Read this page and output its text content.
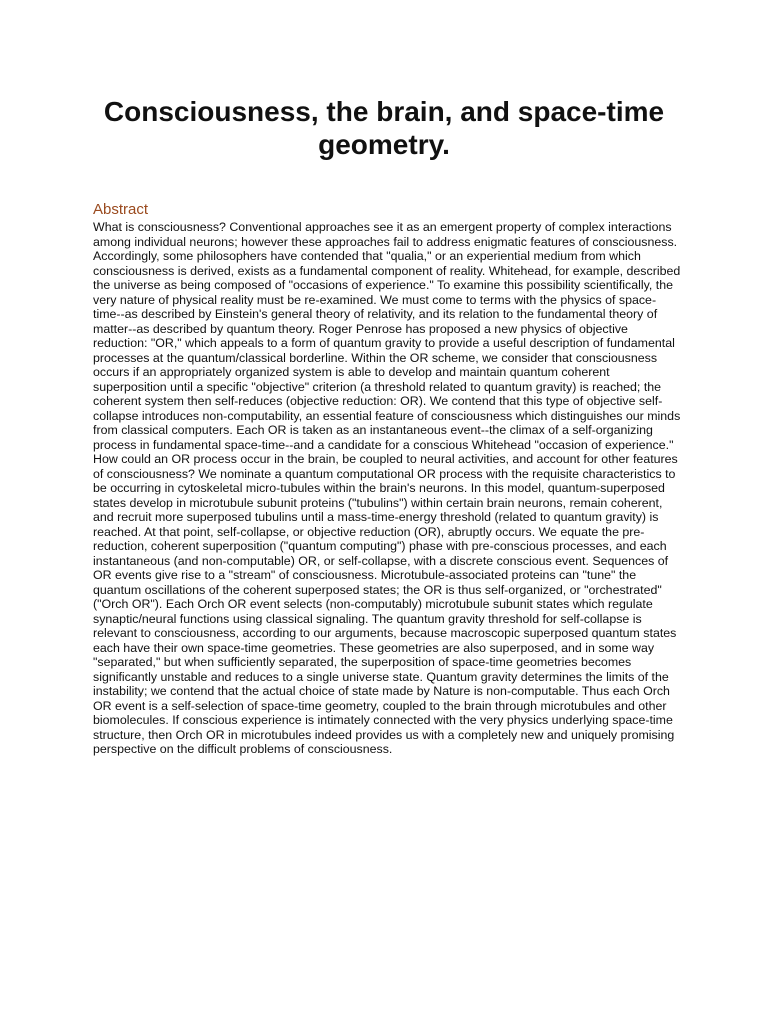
Consciousness, the brain, and space-time geometry.
Abstract

What is consciousness? Conventional approaches see it as an emergent property of complex interactions among individual neurons; however these approaches fail to address enigmatic features of consciousness. Accordingly, some philosophers have contended that "qualia," or an experiential medium from which consciousness is derived, exists as a fundamental component of reality. Whitehead, for example, described the universe as being composed of "occasions of experience." To examine this possibility scientifically, the very nature of physical reality must be re-examined. We must come to terms with the physics of space-time--as described by Einstein's general theory of relativity, and its relation to the fundamental theory of matter--as described by quantum theory. Roger Penrose has proposed a new physics of objective reduction: "OR," which appeals to a form of quantum gravity to provide a useful description of fundamental processes at the quantum/classical borderline. Within the OR scheme, we consider that consciousness occurs if an appropriately organized system is able to develop and maintain quantum coherent superposition until a specific "objective" criterion (a threshold related to quantum gravity) is reached; the coherent system then self-reduces (objective reduction: OR). We contend that this type of objective self-collapse introduces non-computability, an essential feature of consciousness which distinguishes our minds from classical computers. Each OR is taken as an instantaneous event--the climax of a self-organizing process in fundamental space-time--and a candidate for a conscious Whitehead "occasion of experience." How could an OR process occur in the brain, be coupled to neural activities, and account for other features of consciousness? We nominate a quantum computational OR process with the requisite characteristics to be occurring in cytoskeletal micro-tubules within the brain's neurons. In this model, quantum-superposed states develop in microtubule subunit proteins ("tubulins") within certain brain neurons, remain coherent, and recruit more superposed tubulins until a mass-time-energy threshold (related to quantum gravity) is reached. At that point, self-collapse, or objective reduction (OR), abruptly occurs. We equate the pre-reduction, coherent superposition ("quantum computing") phase with pre-conscious processes, and each instantaneous (and non-computable) OR, or self-collapse, with a discrete conscious event. Sequences of OR events give rise to a "stream" of consciousness. Microtubule-associated proteins can "tune" the quantum oscillations of the coherent superposed states; the OR is thus self-organized, or "orchestrated" ("Orch OR"). Each Orch OR event selects (non-computably) microtubule subunit states which regulate synaptic/neural functions using classical signaling. The quantum gravity threshold for self-collapse is relevant to consciousness, according to our arguments, because macroscopic superposed quantum states each have their own space-time geometries. These geometries are also superposed, and in some way "separated," but when sufficiently separated, the superposition of space-time geometries becomes significantly unstable and reduces to a single universe state. Quantum gravity determines the limits of the instability; we contend that the actual choice of state made by Nature is non-computable. Thus each Orch OR event is a self-selection of space-time geometry, coupled to the brain through microtubules and other biomolecules. If conscious experience is intimately connected with the very physics underlying space-time structure, then Orch OR in microtubules indeed provides us with a completely new and uniquely promising perspective on the difficult problems of consciousness.
